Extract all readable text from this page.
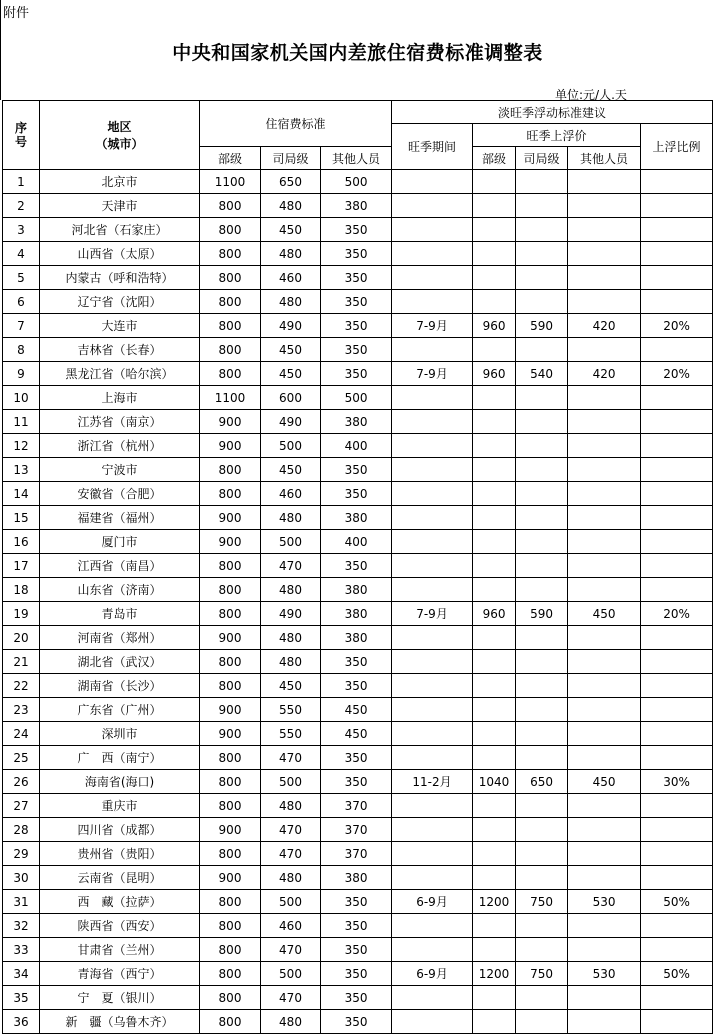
附件
中央和国家机关国内差旅住宿费标准调整表
单位:元/人.天
序号	地区
（城市）	住宿费标准			淡旺季浮动标准建议				
					旺季期间	旺季上浮价			上浮比例
		部级	司局级	其他人员		部级	司局级	其他人员	
1	北京市	1100	650	500					
2	天津市	800	480	380					
3	河北省（石家庄）	800	450	350					
4	山西省（太原）	800	480	350					
5	内蒙古（呼和浩特）	800	460	350					
6	辽宁省（沈阳）	800	480	350					
7	大连市	800	490	350	7-9月	960	590	420	20%
8	吉林省（长春）	800	450	350					
9	黑龙江省（哈尔滨）	800	450	350	7-9月	960	540	420	20%
10	上海市	1100	600	500					
11	江苏省（南京）	900	490	380					
12	浙江省（杭州）	900	500	400					
13	宁波市	800	450	350					
14	安徽省（合肥）	800	460	350					
15	福建省（福州）	900	480	380					
16	厦门市	900	500	400					
17	江西省（南昌）	800	470	350					
18	山东省（济南）	800	480	380					
19	青岛市	800	490	380	7-9月	960	590	450	20%
20	河南省（郑州）	900	480	380					
21	湖北省（武汉）	800	480	350					
22	湖南省（长沙）	800	450	350					
23	广东省（广州）	900	550	450					
24	深圳市	900	550	450					
25	广　西（南宁）	800	470	350					
26	海南省(海口)	800	500	350	11-2月	1040	650	450	30%
27	重庆市	800	480	370					
28	四川省（成都）	900	470	370					
29	贵州省（贵阳）	800	470	370					
30	云南省（昆明）	900	480	380					
31	西　藏（拉萨）	800	500	350	6-9月	1200	750	530	50%
32	陕西省（西安）	800	460	350					
33	甘肃省（兰州）	800	470	350					
34	青海省（西宁）	800	500	350	6-9月	1200	750	530	50%
35	宁　夏（银川）	800	470	350					
36	新　疆（乌鲁木齐）	800	480	350					
